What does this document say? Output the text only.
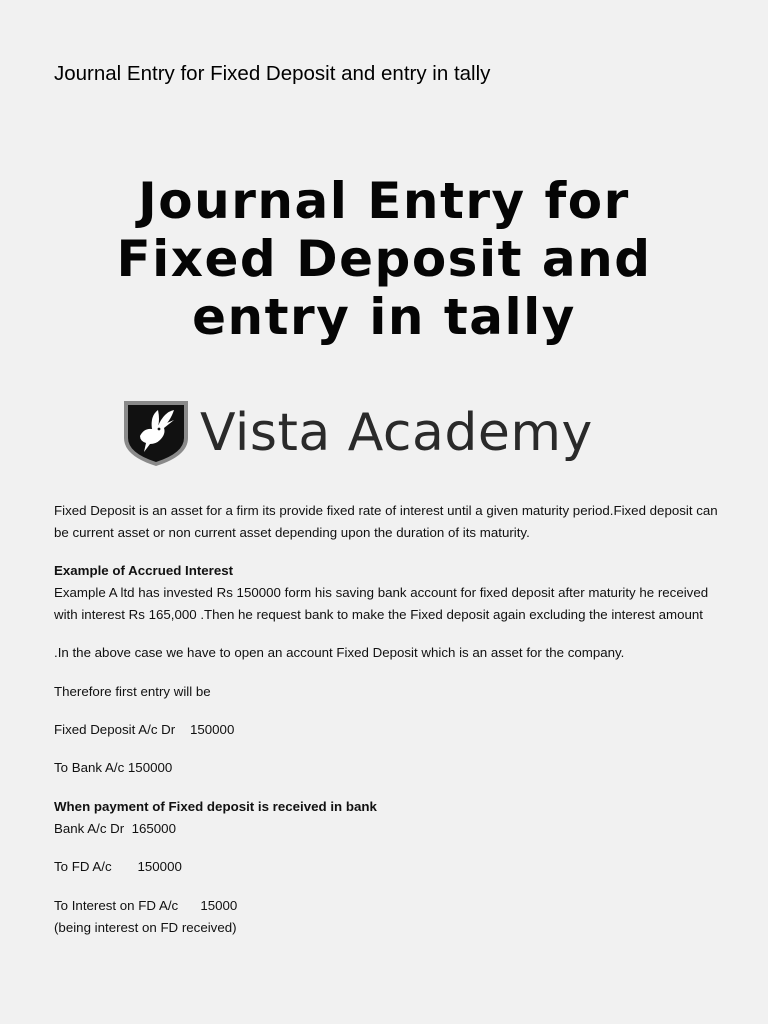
Journal Entry for Fixed Deposit and entry in tally
Journal Entry for
Fixed Deposit and
entry in tally
Vista Academy

Fixed Deposit is an asset for a firm its provide fixed rate of interest until a given maturity period.Fixed deposit can be current asset or non current asset depending upon the duration of its maturity.

Example of Accrued Interest

Example A ltd has invested Rs 150000 form his saving bank account for fixed deposit after maturity he received with interest Rs 165,000 .Then he request bank to make the Fixed deposit again excluding the interest amount

.In the above case we have to open an account Fixed Deposit which is an asset for the company.

Therefore first entry will be

Fixed Deposit A/c Dr    150000

To Bank A/c 150000

When payment of Fixed deposit is received in bank

Bank A/c Dr  165000

To FD A/c       150000

To Interest on FD A/c      15000

(being interest on FD received)
